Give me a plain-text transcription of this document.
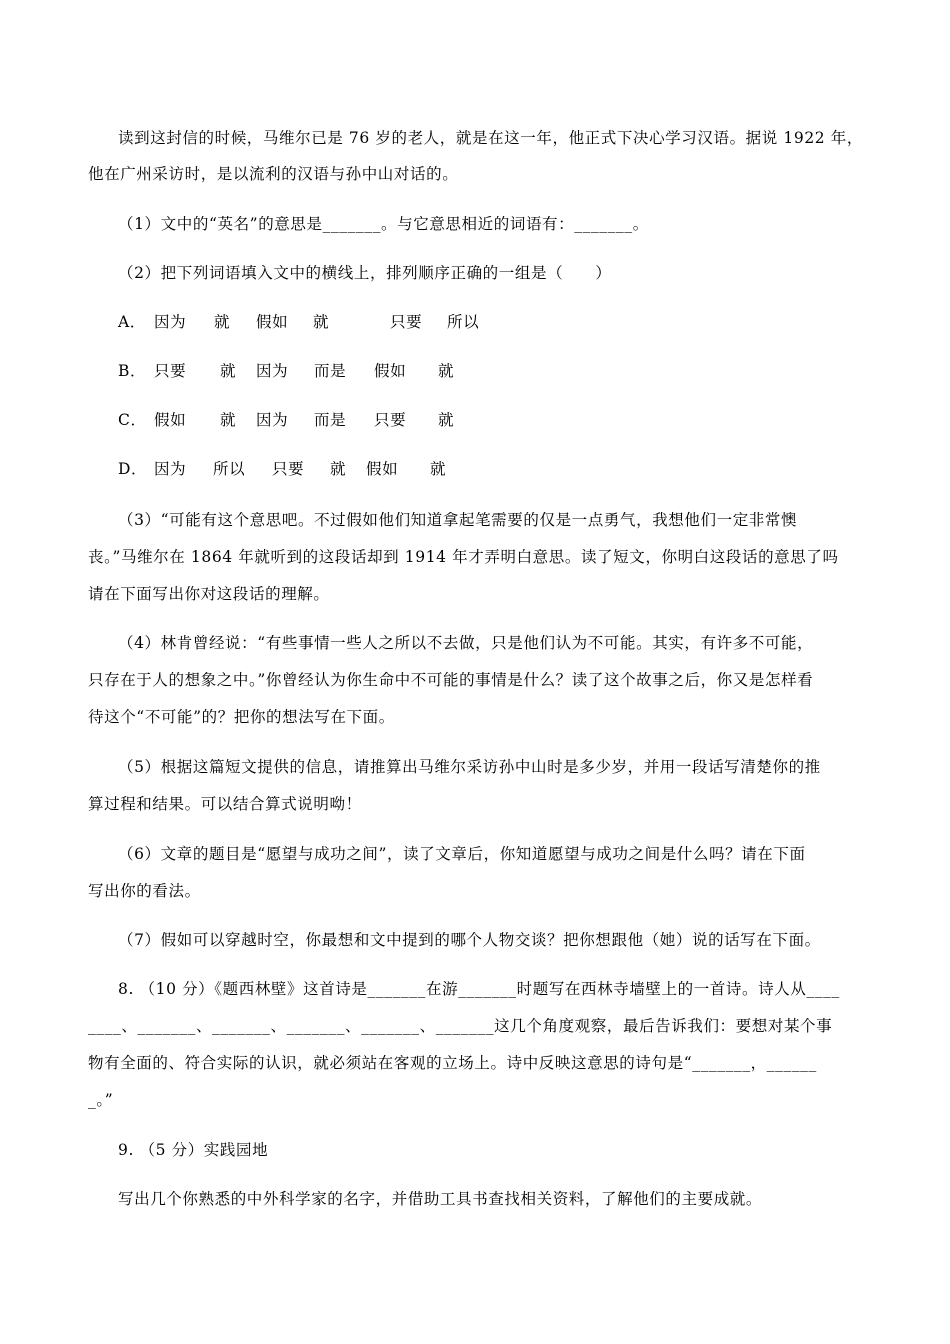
读到这封信的时候，马维尔已是 76 岁的老人，就是在这一年，他正式下决心学习汉语。据说 1922 年，
他在广州采访时，是以流利的汉语与孙中山对话的。
（1）文中的“英名”的意思是_______。与它意思相近的词语有：_______。
（2）把下列词语填入文中的横线上，排列顺序正确的一组是（　　）
A． 因为 就 假如 就	只要 所以
B． 只要 就 因为 而是 假如 就
C． 假如 就 因为 而是 只要 就
D． 因为 所以 只要 就 假如 就
（3）“可能有这个意思吧。不过假如他们知道拿起笔需要的仅是一点勇气，我想他们一定非常懊
丧。”马维尔在 1864 年就听到的这段话却到 1914 年才弄明白意思。读了短文，你明白这段话的意思了吗
请在下面写出你对这段话的理解。
（4）林肯曾经说：“有些事情一些人之所以不去做，只是他们认为不可能。其实，有许多不可能，
只存在于人的想象之中。”你曾经认为你生命中不可能的事情是什么？读了这个故事之后，你又是怎样看
待这个“不可能”的？把你的想法写在下面。
（5）根据这篇短文提供的信息，请推算出马维尔采访孙中山时是多少岁，并用一段话写清楚你的推
算过程和结果。可以结合算式说明呦！
（6）文章的题目是“愿望与成功之间”，读了文章后，你知道愿望与成功之间是什么吗？请在下面
写出你的看法。
（7）假如可以穿越时空，你最想和文中提到的哪个人物交谈？把你想跟他（她）说的话写在下面。
8. （10 分）《题西林壁》这首诗是_______在游_______时题写在西林寺墙壁上的一首诗。诗人从____
____、_______、_______、_______、_______、_______这几个角度观察，最后告诉我们：要想对某个事
物有全面的、符合实际的认识，就必须站在客观的立场上。诗中反映这意思的诗句是“_______，______
_。”
9. （5 分）实践园地
写出几个你熟悉的中外科学家的名字，并借助工具书查找相关资料，了解他们的主要成就。
